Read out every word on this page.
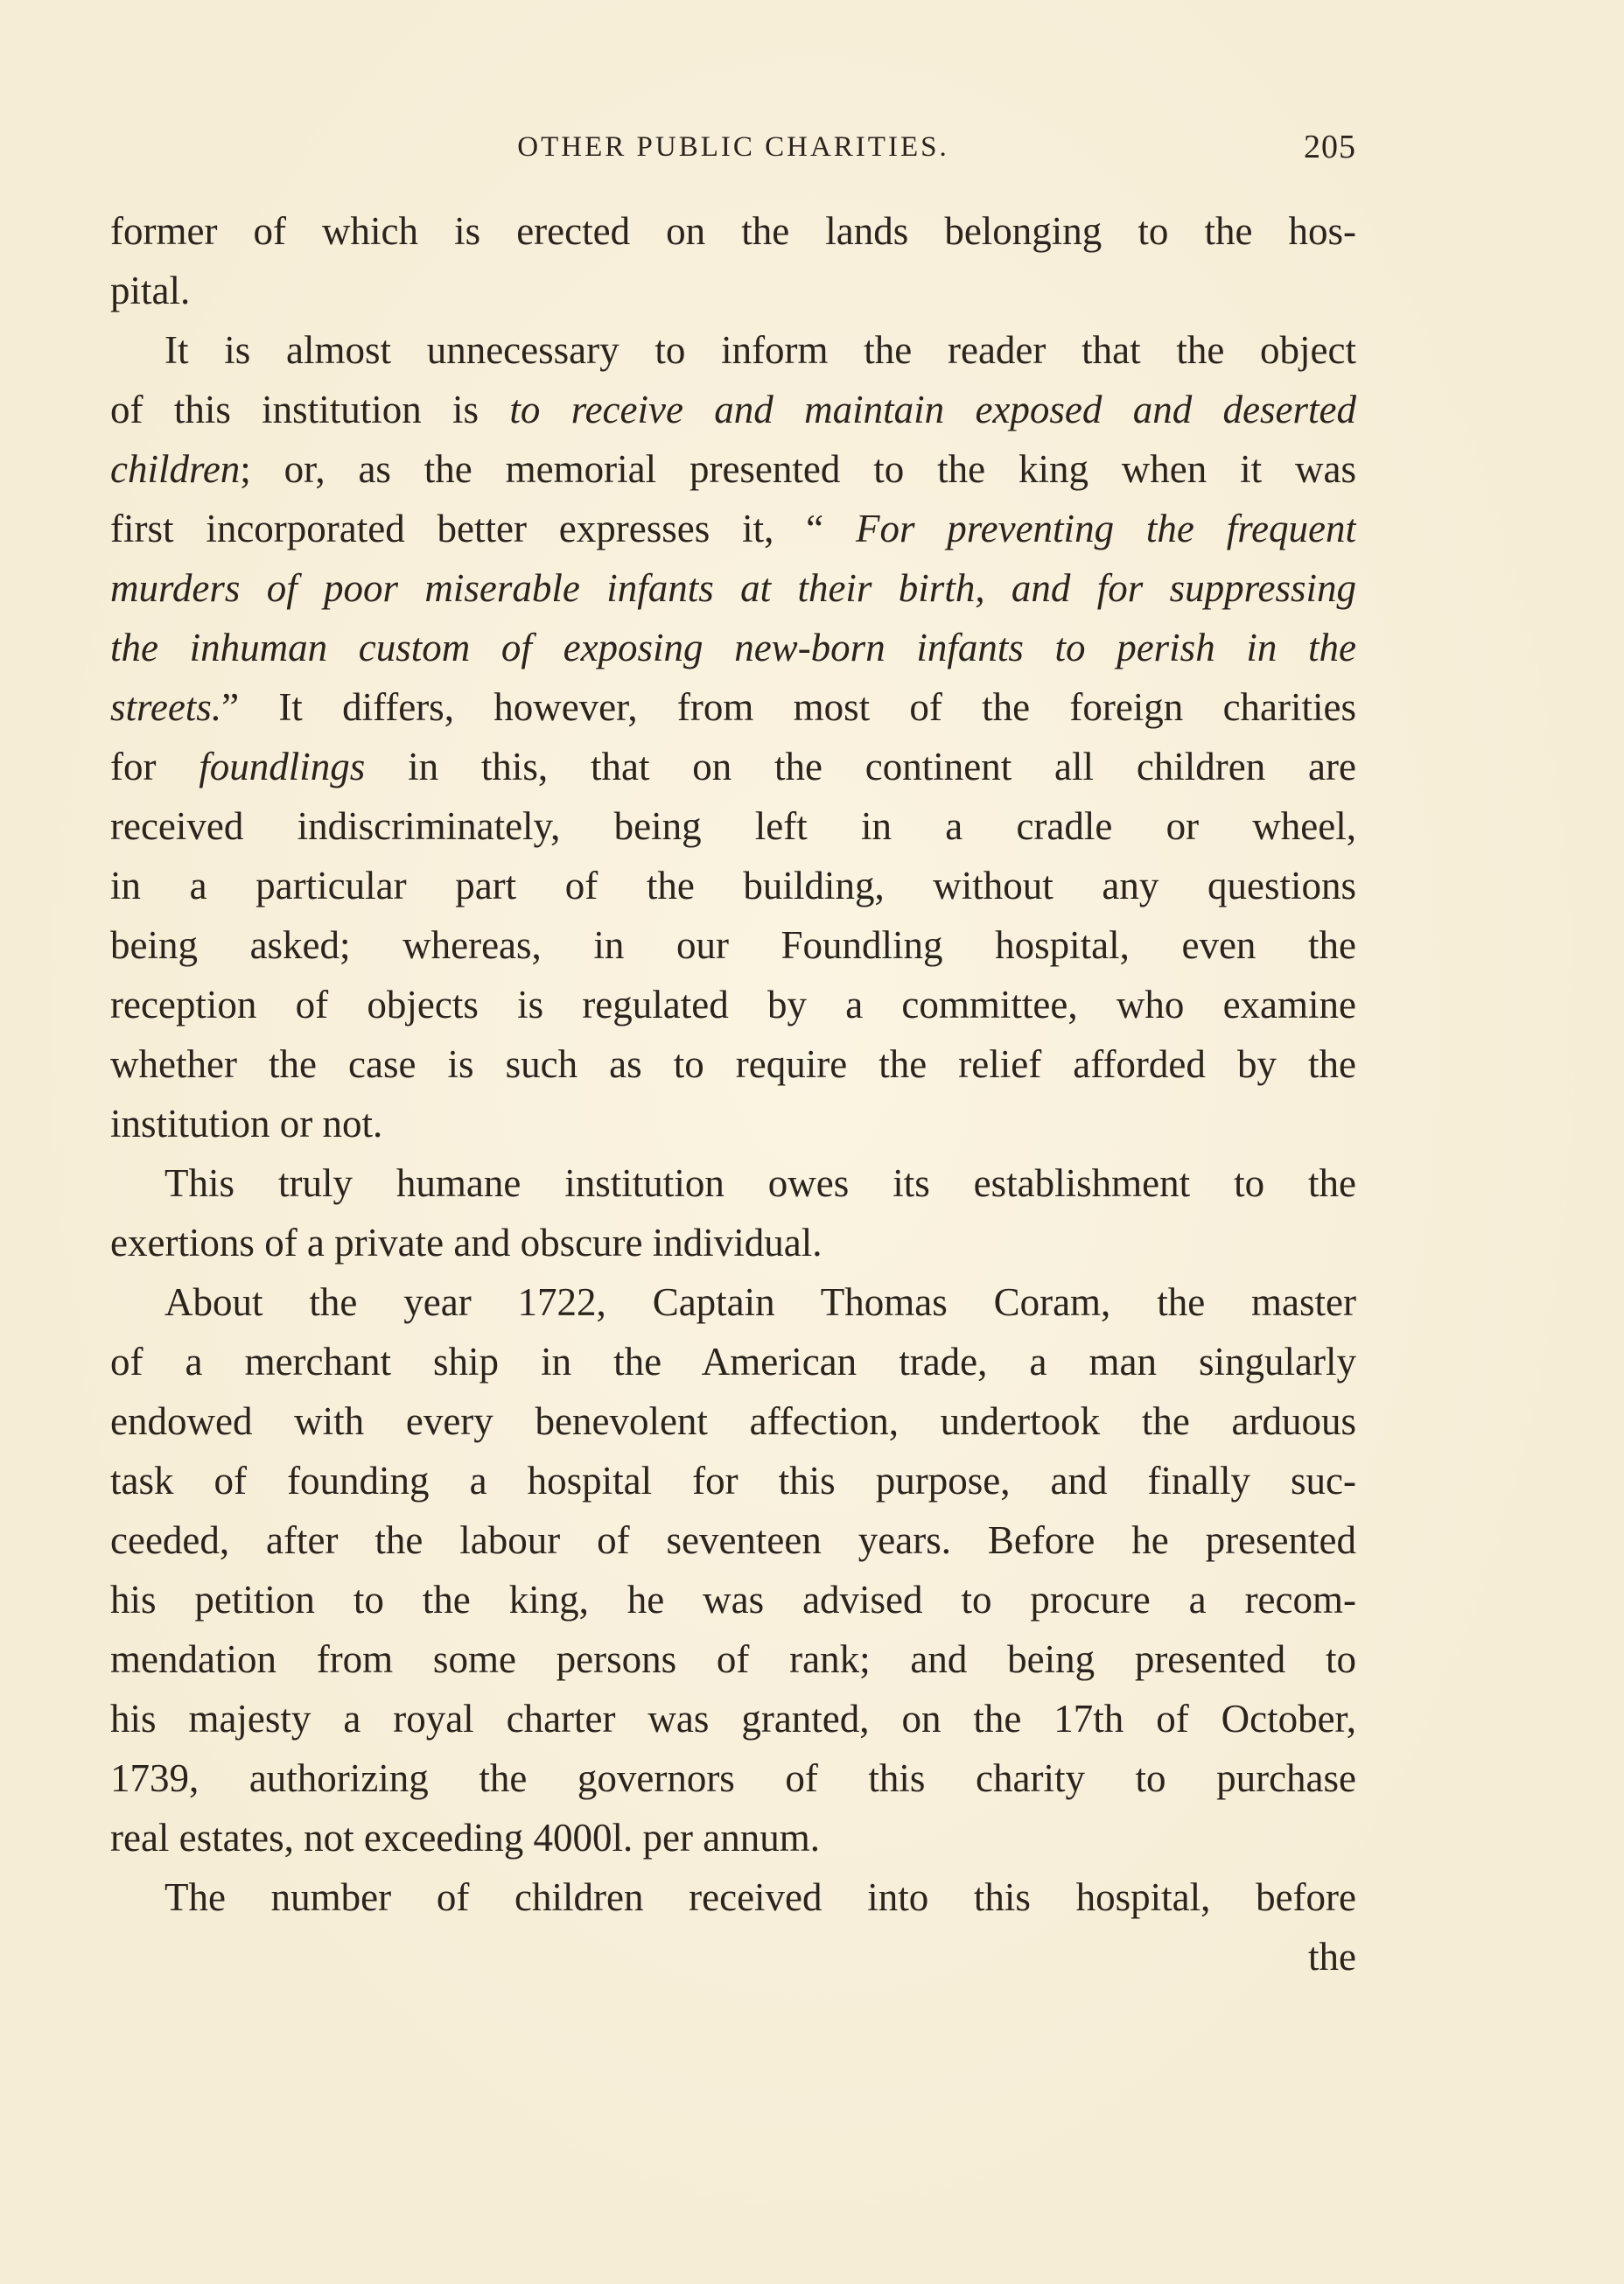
OTHER PUBLIC CHARITIES.	205
former of which is erected on the lands belonging to the hos-
pital.
It is almost unnecessary to inform the reader that the object
of this institution is to receive and maintain exposed and deserted
children; or, as the memorial presented to the king when it was
first incorporated better expresses it, “ For preventing the frequent
murders of poor miserable infants at their birth, and for suppressing
the inhuman custom of exposing new-born infants to perish in the
streets.” It differs, however, from most of the foreign charities
for foundlings in this, that on the continent all children are
received indiscriminately, being left in a cradle or wheel,
in a particular part of the building, without any questions
being asked; whereas, in our Foundling hospital, even the
reception of objects is regulated by a committee, who examine
whether the case is such as to require the relief afforded by the
institution or not.
This truly humane institution owes its establishment to the
exertions of a private and obscure individual.
About the year 1722, Captain Thomas Coram, the master
of a merchant ship in the American trade, a man singularly
endowed with every benevolent affection, undertook the arduous
task of founding a hospital for this purpose, and finally suc-
ceeded, after the labour of seventeen years. Before he presented
his petition to the king, he was advised to procure a recom-
mendation from some persons of rank; and being presented to
his majesty a royal charter was granted, on the 17th of October,
1739, authorizing the governors of this charity to purchase
real estates, not exceeding 4000l. per annum.
The number of children received into this hospital, before
the
